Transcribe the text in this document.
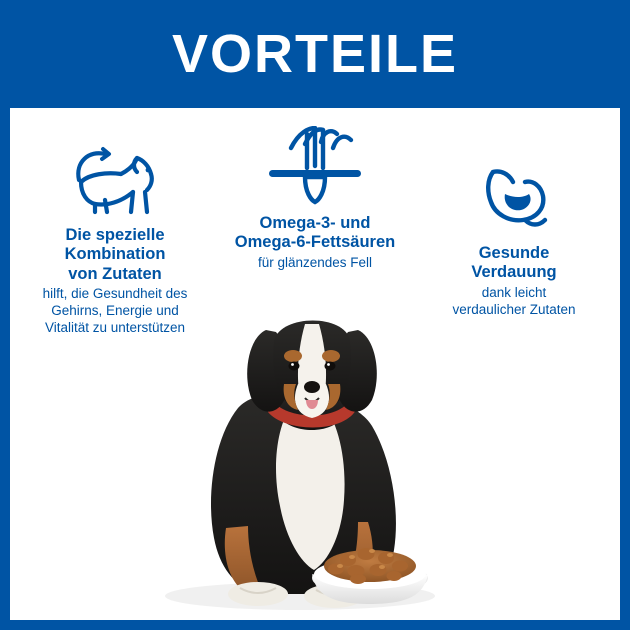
VORTEILE
Die spezielle
Kombination
von Zutaten
hilft, die Gesundheit des
Gehirns, Energie und
Vitalität zu unterstützen
Omega-3- und
Omega-6-Fettsäuren
für glänzendes Fell
Gesunde
Verdauung
dank leicht
verdaulicher Zutaten
